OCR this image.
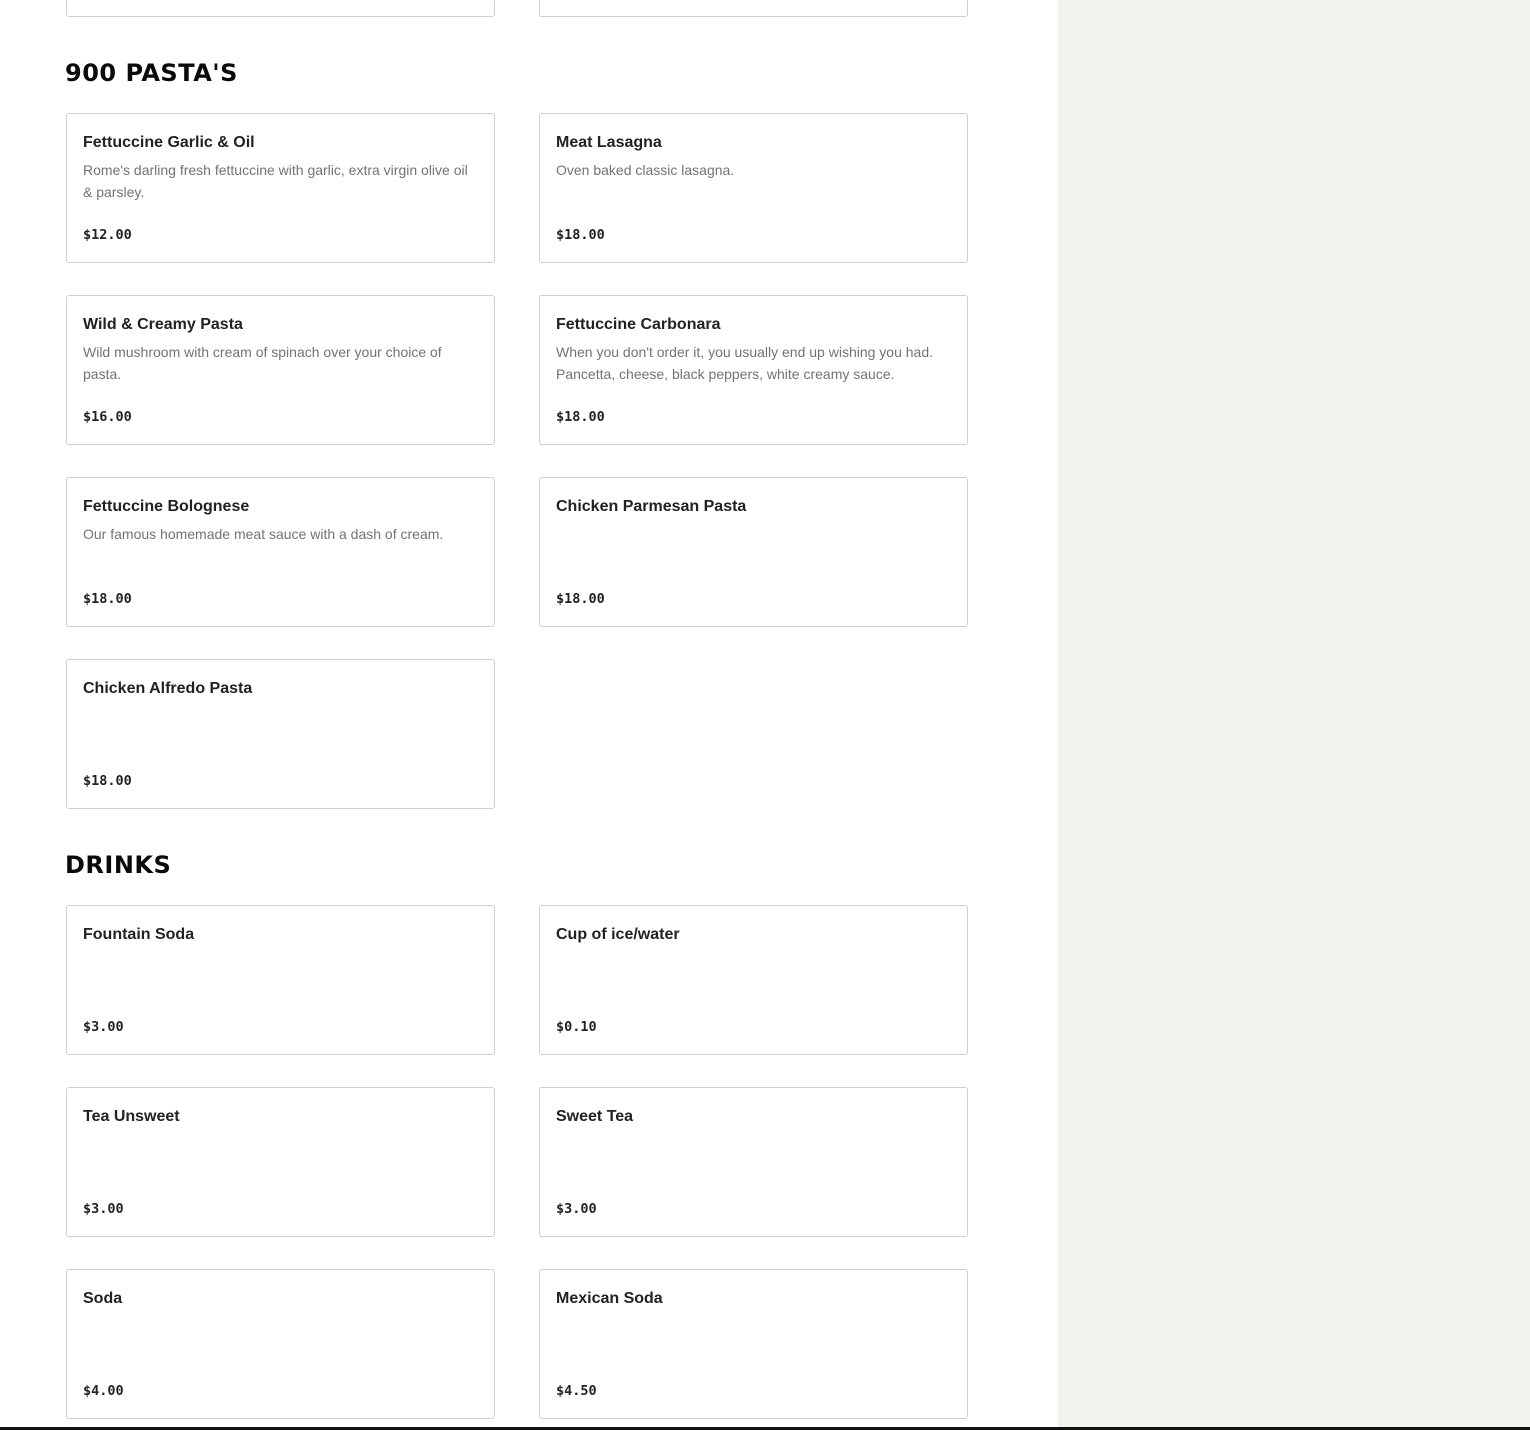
900 PASTA'S
Fettuccine Garlic & Oil
Rome's darling fresh fettuccine with garlic, extra virgin olive oil & parsley.
$12.00
Meat Lasagna
Oven baked classic lasagna.
$18.00
Wild & Creamy Pasta
Wild mushroom with cream of spinach over your choice of pasta.
$16.00
Fettuccine Carbonara
When you don't order it, you usually end up wishing you had. Pancetta, cheese, black peppers, white creamy sauce.
$18.00
Fettuccine Bolognese
Our famous homemade meat sauce with a dash of cream.
$18.00
Chicken Parmesan Pasta
$18.00
Chicken Alfredo Pasta
$18.00
DRINKS
Fountain Soda
$3.00
Cup of ice/water
$0.10
Tea Unsweet
$3.00
Sweet Tea
$3.00
Soda
$4.00
Mexican Soda
$4.50
